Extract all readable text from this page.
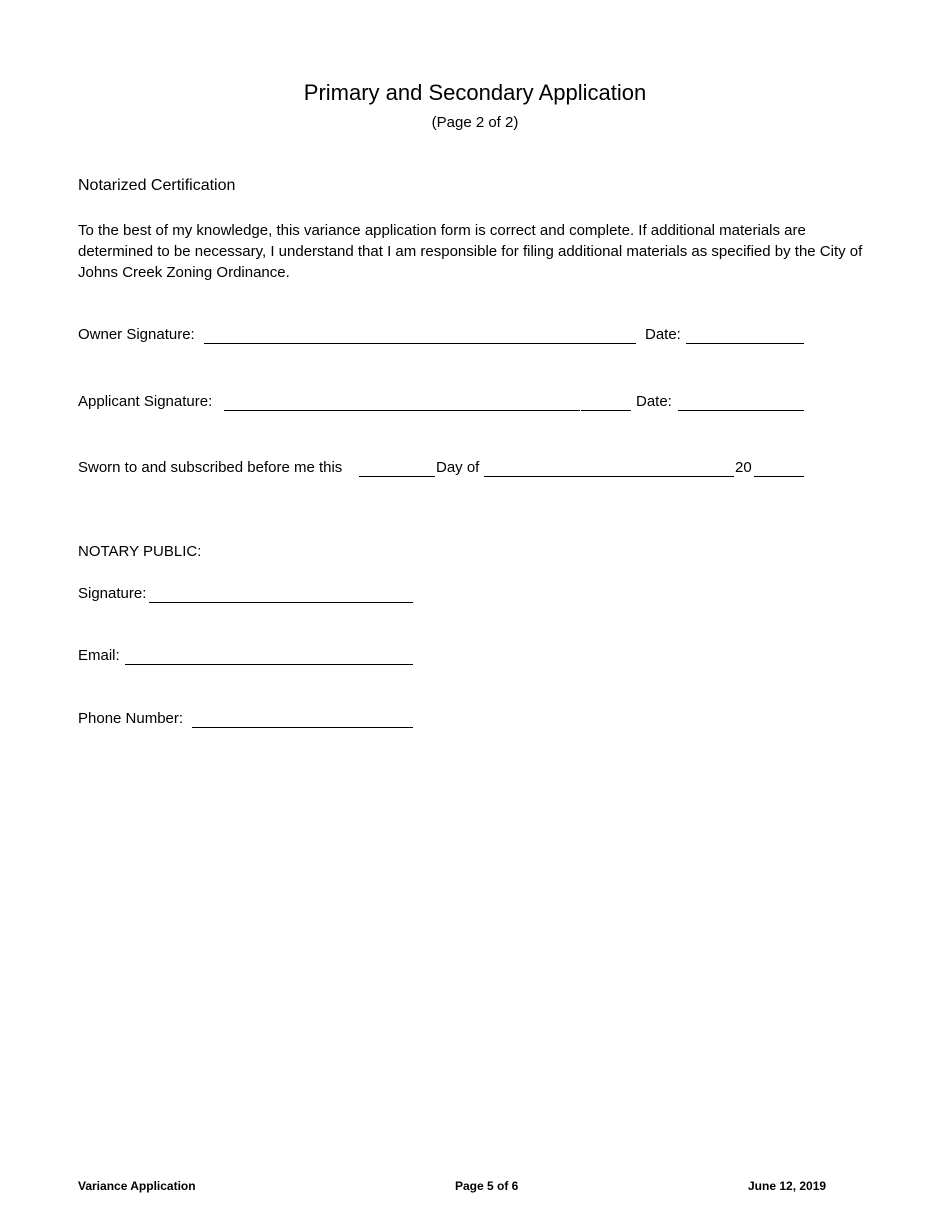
Primary and Secondary Application
(Page 2 of 2)
Notarized Certification
To the best of my knowledge, this variance application form is correct and complete. If additional materials are determined to be necessary, I understand that I am responsible for filing additional materials as specified by the City of Johns Creek Zoning Ordinance.
Owner Signature:	Date:
Applicant Signature:	Date:
Sworn to and subscribed before me this	Day of	20
NOTARY PUBLIC:
Signature:
Email:
Phone Number:
Variance Application	Page 5 of 6	June 12, 2019
